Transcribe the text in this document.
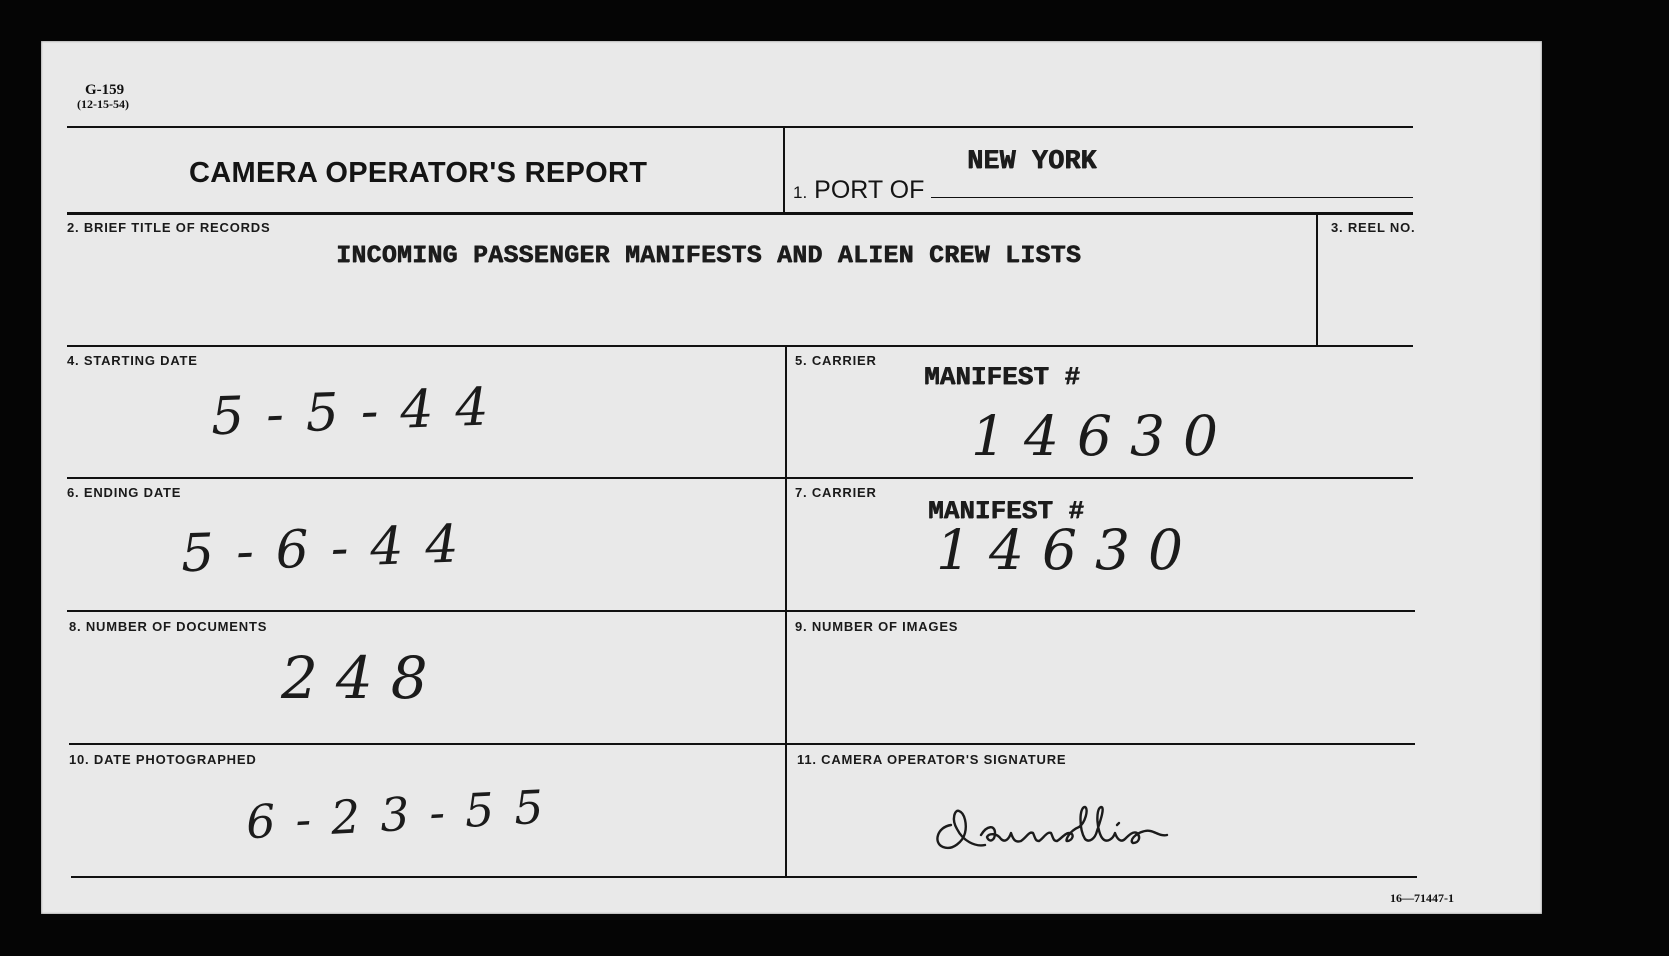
G-159
(12-15-54)
CAMERA OPERATOR'S REPORT
1. PORT OF
NEW YORK
2. BRIEF TITLE OF RECORDS
INCOMING PASSENGER MANIFESTS AND ALIEN CREW LISTS
3. REEL NO.
4. STARTING DATE
5-5-44
5. CARRIER
MANIFEST #
14630
6. ENDING DATE
5-6-44
7. CARRIER
MANIFEST #
14630
8. NUMBER OF DOCUMENTS
248
9. NUMBER OF IMAGES
10. DATE PHOTOGRAPHED
6-23-55
11. CAMERA OPERATOR'S SIGNATURE
16—71447-1
